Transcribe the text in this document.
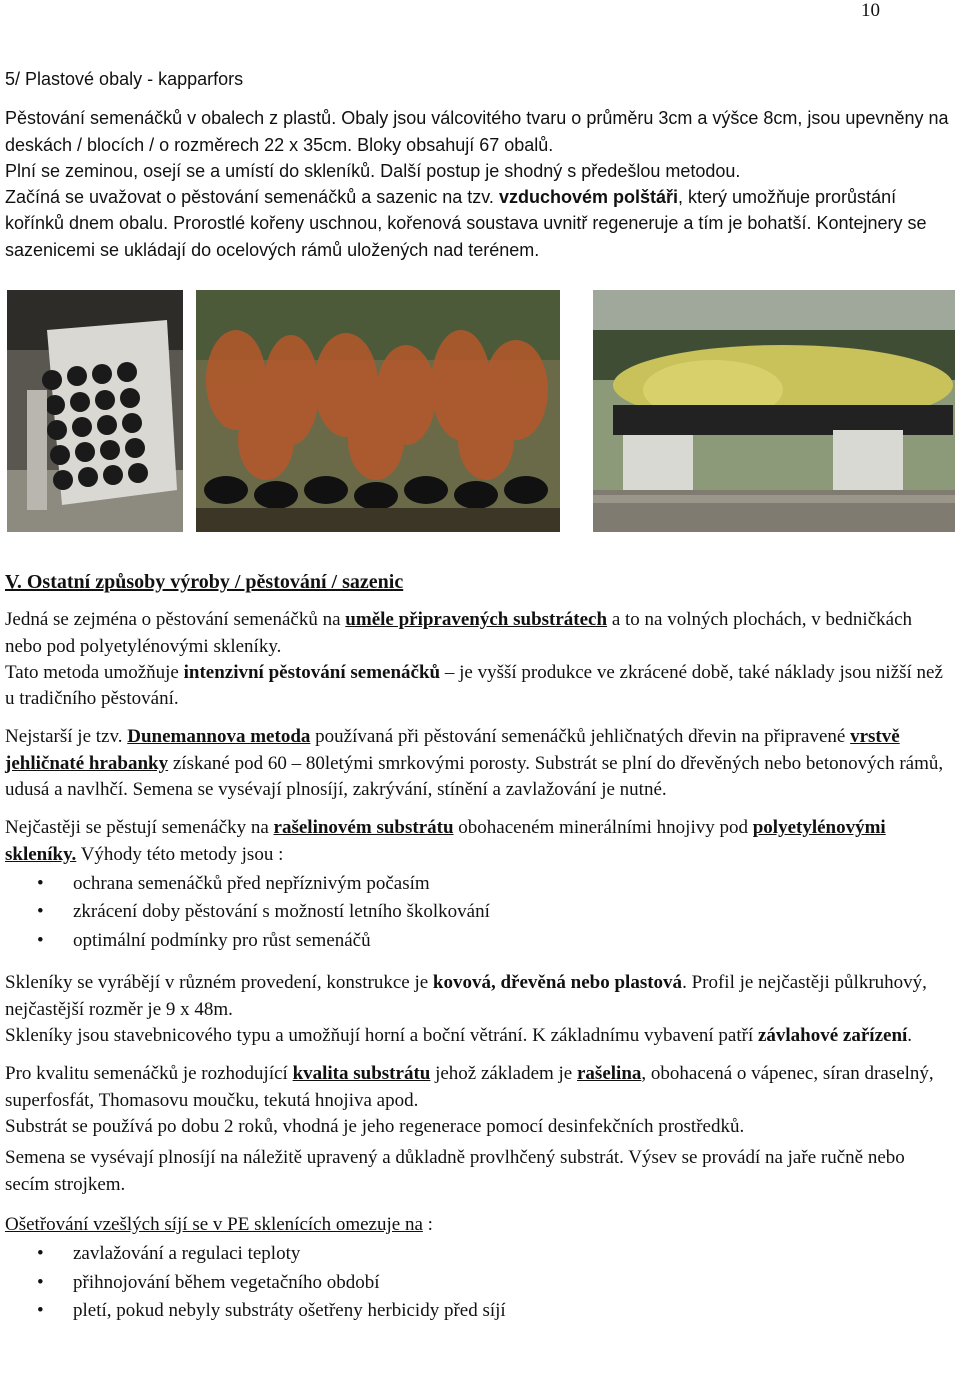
10

5/ Plastové obaly - kapparfors

Pěstování semenáčků v obalech z plastů. Obaly jsou válcovitého tvaru o průměru 3cm a výšce 8cm, jsou upevněny na deskách / blocích / o rozměrech 22 x 35cm. Bloky obsahují 67 obalů.

Plní se zeminou, osejí se a umístí do skleníků. Další postup je shodný s předešlou metodou.

Začíná se uvažovat o pěstování semenáčků a sazenic na tzv. vzduchovém polštáři, který umožňuje prorůstání kořínků dnem obalu. Prorostlé kořeny uschnou, kořenová soustava uvnitř regeneruje a tím je bohatší. Kontejnery se sazenicemi se ukládají do ocelových rámů uložených nad terénem.

V. Ostatní způsoby výroby / pěstování / sazenic

Jedná se zejména o pěstování semenáčků na uměle připravených substrátech a to na volných plochách, v bedničkách nebo pod polyetylénovými skleníky.

Tato metoda umožňuje intenzivní pěstování semenáčků – je vyšší produkce ve zkrácené době, také náklady jsou nižší než u tradičního pěstování.

Nejstarší je tzv. Dunemannova metoda používaná při pěstování semenáčků jehličnatých dřevin na připravené vrstvě jehličnaté hrabanky získané pod 60 – 80letými smrkovými porosty. Substrát se plní do dřevěných nebo betonových rámů, udusá a navlhčí. Semena se vysévají plnosíjí, zakrývání, stínění a zavlažování je nutné.

Nejčastěji se pěstují semenáčky na rašelinovém substrátu obohaceném minerálními hnojivy pod polyetylénovými skleníky. Výhody této metody jsou :

• ochrana semenáčků před nepříznivým počasím
• zkrácení doby pěstování s možností letního školkování
• optimální podmínky pro růst semenáčů

Skleníky se vyrábějí v různém provedení, konstrukce je kovová, dřevěná nebo plastová. Profil je nejčastěji půlkruhový, nejčastější rozměr je 9 x 48m.

Skleníky jsou stavebnicového typu a umožňují horní a boční větrání. K základnímu vybavení patří závlahové zařízení.

Pro kvalitu semenáčků je rozhodující kvalita substrátu jehož základem je rašelina, obohacená o vápenec, síran draselný, superfosfát, Thomasovu moučku, tekutá hnojiva apod.

Substrát se používá po dobu 2 roků, vhodná je jeho regenerace pomocí desinfekčních prostředků.

Semena se vysévají plnosíjí na náležitě upravený a důkladně provlhčený substrát. Výsev se provádí na jaře ručně nebo secím strojkem.

Ošetřování vzešlých síjí se v PE sklenících omezuje na :

• zavlažování a regulaci teploty
• přihnojování během vegetačního období
• pletí, pokud nebyly substráty ošetřeny herbicidy před síjí
